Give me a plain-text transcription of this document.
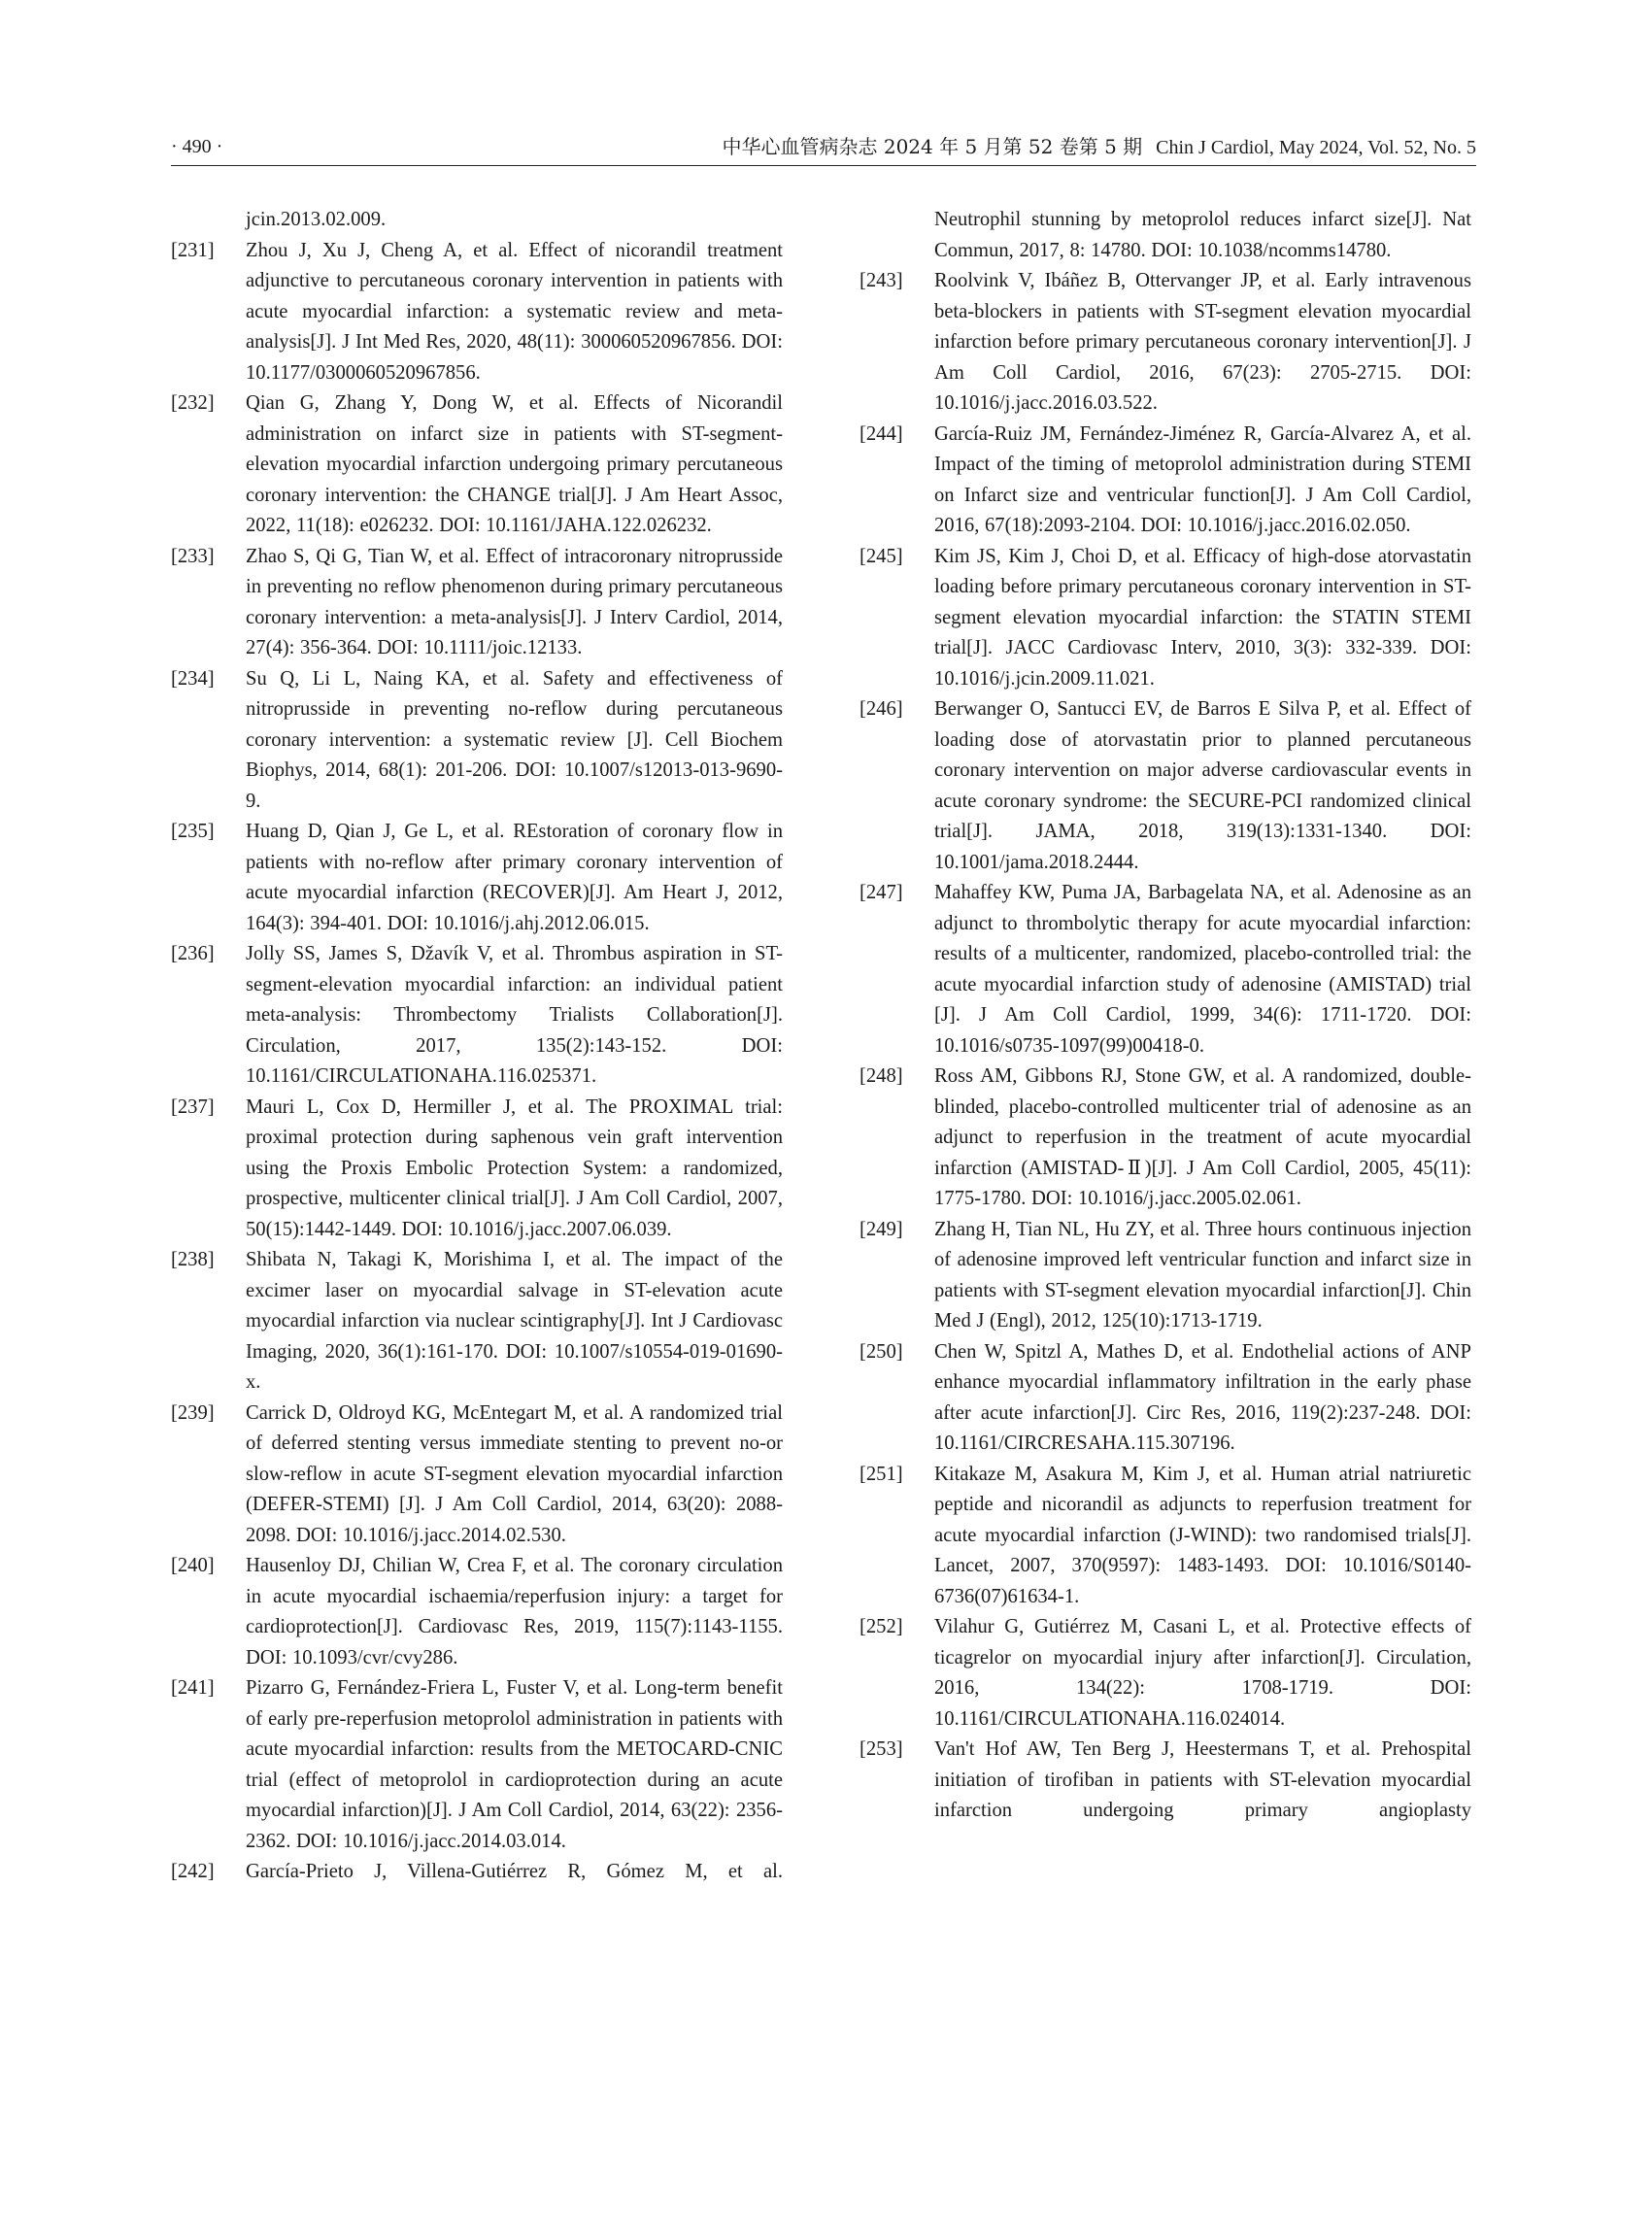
· 490 ·	中华心血管病杂志 2024 年 5 月第 52 卷第 5 期 Chin J Cardiol, May 2024, Vol. 52, No. 5
jcin.2013.02.009.
[231] Zhou J, Xu J, Cheng A, et al. Effect of nicorandil treatment adjunctive to percutaneous coronary intervention in patients with acute myocardial infarction: a systematic review and meta-analysis[J]. J Int Med Res, 2020, 48(11): 300060520967856. DOI: 10.1177/0300060520967856.
[232] Qian G, Zhang Y, Dong W, et al. Effects of Nicorandil administration on infarct size in patients with ST-segment-elevation myocardial infarction undergoing primary percutaneous coronary intervention: the CHANGE trial[J]. J Am Heart Assoc, 2022, 11(18): e026232. DOI: 10.1161/JAHA.122.026232.
[233] Zhao S, Qi G, Tian W, et al. Effect of intracoronary nitroprusside in preventing no reflow phenomenon during primary percutaneous coronary intervention: a meta-analysis[J]. J Interv Cardiol, 2014, 27(4): 356-364. DOI: 10.1111/joic.12133.
[234] Su Q, Li L, Naing KA, et al. Safety and effectiveness of nitroprusside in preventing no-reflow during percutaneous coronary intervention: a systematic review [J]. Cell Biochem Biophys, 2014, 68(1): 201-206. DOI: 10.1007/s12013-013-9690-9.
[235] Huang D, Qian J, Ge L, et al. REstoration of coronary flow in patients with no-reflow after primary coronary intervention of acute myocardial infarction (RECOVER)[J]. Am Heart J, 2012, 164(3): 394-401. DOI: 10.1016/j.ahj.2012.06.015.
[236] Jolly SS, James S, Džavík V, et al. Thrombus aspiration in ST-segment-elevation myocardial infarction: an individual patient meta-analysis: Thrombectomy Trialists Collaboration[J]. Circulation, 2017, 135(2):143-152. DOI: 10.1161/CIRCULATIONAHA.116.025371.
[237] Mauri L, Cox D, Hermiller J, et al. The PROXIMAL trial: proximal protection during saphenous vein graft intervention using the Proxis Embolic Protection System: a randomized, prospective, multicenter clinical trial[J]. J Am Coll Cardiol, 2007, 50(15):1442-1449. DOI: 10.1016/j.jacc.2007.06.039.
[238] Shibata N, Takagi K, Morishima I, et al. The impact of the excimer laser on myocardial salvage in ST-elevation acute myocardial infarction via nuclear scintigraphy[J]. Int J Cardiovasc Imaging, 2020, 36(1):161-170. DOI: 10.1007/s10554-019-01690-x.
[239] Carrick D, Oldroyd KG, McEntegart M, et al. A randomized trial of deferred stenting versus immediate stenting to prevent no-or slow-reflow in acute ST-segment elevation myocardial infarction (DEFER-STEMI) [J]. J Am Coll Cardiol, 2014, 63(20): 2088-2098. DOI: 10.1016/j.jacc.2014.02.530.
[240] Hausenloy DJ, Chilian W, Crea F, et al. The coronary circulation in acute myocardial ischaemia/reperfusion injury: a target for cardioprotection[J]. Cardiovasc Res, 2019, 115(7):1143-1155. DOI: 10.1093/cvr/cvy286.
[241] Pizarro G, Fernández-Friera L, Fuster V, et al. Long-term benefit of early pre-reperfusion metoprolol administration in patients with acute myocardial infarction: results from the METOCARD-CNIC trial (effect of metoprolol in cardioprotection during an acute myocardial infarction)[J]. J Am Coll Cardiol, 2014, 63(22): 2356-2362. DOI: 10.1016/j.jacc.2014.03.014.
[242] García-Prieto J, Villena-Gutiérrez R, Gómez M, et al.
Neutrophil stunning by metoprolol reduces infarct size[J]. Nat Commun, 2017, 8: 14780. DOI: 10.1038/ncomms14780.
[243] Roolvink V, Ibáñez B, Ottervanger JP, et al. Early intravenous beta-blockers in patients with ST-segment elevation myocardial infarction before primary percutaneous coronary intervention[J]. J Am Coll Cardiol, 2016, 67(23): 2705-2715. DOI: 10.1016/j.jacc.2016.03.522.
[244] García-Ruiz JM, Fernández-Jiménez R, García-Alvarez A, et al. Impact of the timing of metoprolol administration during STEMI on Infarct size and ventricular function[J]. J Am Coll Cardiol, 2016, 67(18):2093-2104. DOI: 10.1016/j.jacc.2016.02.050.
[245] Kim JS, Kim J, Choi D, et al. Efficacy of high-dose atorvastatin loading before primary percutaneous coronary intervention in ST-segment elevation myocardial infarction: the STATIN STEMI trial[J]. JACC Cardiovasc Interv, 2010, 3(3): 332-339. DOI: 10.1016/j.jcin.2009.11.021.
[246] Berwanger O, Santucci EV, de Barros E Silva P, et al. Effect of loading dose of atorvastatin prior to planned percutaneous coronary intervention on major adverse cardiovascular events in acute coronary syndrome: the SECURE-PCI randomized clinical trial[J]. JAMA, 2018, 319(13):1331-1340. DOI: 10.1001/jama.2018.2444.
[247] Mahaffey KW, Puma JA, Barbagelata NA, et al. Adenosine as an adjunct to thrombolytic therapy for acute myocardial infarction: results of a multicenter, randomized, placebo-controlled trial: the acute myocardial infarction study of adenosine (AMISTAD) trial [J]. J Am Coll Cardiol, 1999, 34(6): 1711-1720. DOI: 10.1016/s0735-1097(99)00418-0.
[248] Ross AM, Gibbons RJ, Stone GW, et al. A randomized, double-blinded, placebo-controlled multicenter trial of adenosine as an adjunct to reperfusion in the treatment of acute myocardial infarction (AMISTAD-Ⅱ)[J]. J Am Coll Cardiol, 2005, 45(11): 1775-1780. DOI: 10.1016/j.jacc.2005.02.061.
[249] Zhang H, Tian NL, Hu ZY, et al. Three hours continuous injection of adenosine improved left ventricular function and infarct size in patients with ST-segment elevation myocardial infarction[J]. Chin Med J (Engl), 2012, 125(10):1713-1719.
[250] Chen W, Spitzl A, Mathes D, et al. Endothelial actions of ANP enhance myocardial inflammatory infiltration in the early phase after acute infarction[J]. Circ Res, 2016, 119(2):237-248. DOI: 10.1161/CIRCRESAHA.115.307196.
[251] Kitakaze M, Asakura M, Kim J, et al. Human atrial natriuretic peptide and nicorandil as adjuncts to reperfusion treatment for acute myocardial infarction (J-WIND): two randomised trials[J]. Lancet, 2007, 370(9597): 1483-1493. DOI: 10.1016/S0140-6736(07)61634-1.
[252] Vilahur G, Gutiérrez M, Casani L, et al. Protective effects of ticagrelor on myocardial injury after infarction[J]. Circulation, 2016, 134(22): 1708-1719. DOI: 10.1161/CIRCULATIONAHA.116.024014.
[253] Van't Hof AW, Ten Berg J, Heestermans T, et al. Prehospital initiation of tirofiban in patients with ST-elevation myocardial infarction undergoing primary angioplasty
